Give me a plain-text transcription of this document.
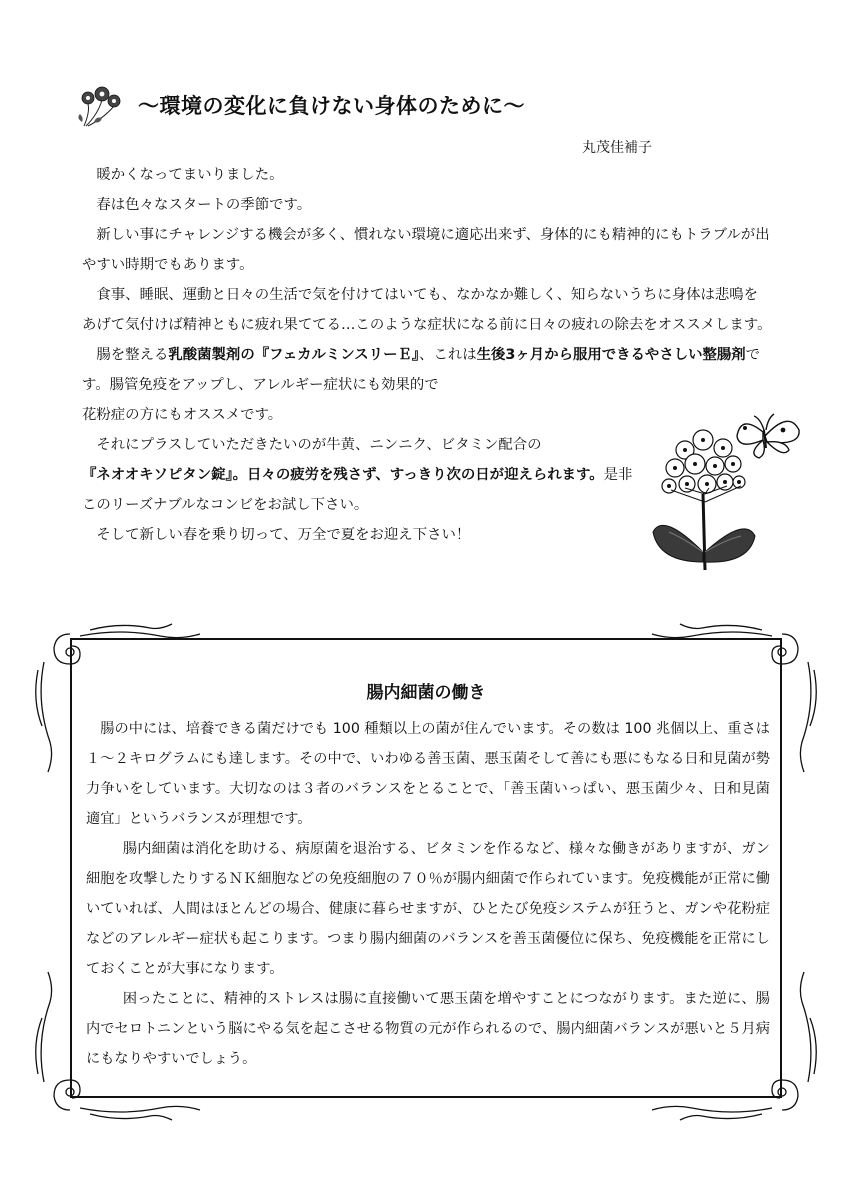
～環境の変化に負けない身体のために～
丸茂佳補子

暖かくなってまいりました。

春は色々なスタートの季節です。

新しい事にチャレンジする機会が多く、慣れない環境に適応出来ず、身体的にも精神的にもトラブルが出やすい時期でもあります。

食事、睡眠、運動と日々の生活で気を付けてはいても、なかなか難しく、知らないうちに身体は悲鳴をあげて気付けば精神ともに疲れ果ててる…このような症状になる前に日々の疲れの除去をオススメします。

腸を整える乳酸菌製剤の『フェカルミンスリーＥ』、これは生後3ヶ月から服用できるやさしい整腸剤です。腸管免疫をアップし、アレルギー症状にも効果的で

花粉症の方にもオススメです。

それにプラスしていただきたいのが牛黄、ニンニク、ビタミン配合の

『ネオオキソピタン錠』。日々の疲労を残さず、すっきり次の日が迎えられます。是非このリーズナブルなコンビをお試し下さい。

そして新しい春を乗り切って、万全で夏をお迎え下さい！

腸内細菌の働き

腸の中には、培養できる菌だけでも 100 種類以上の菌が住んでいます。その数は 100 兆個以上、重さは１～２キログラムにも達します。その中で、いわゆる善玉菌、悪玉菌そして善にも悪にもなる日和見菌が勢力争いをしています。大切なのは３者のバランスをとることで、「善玉菌いっぱい、悪玉菌少々、日和見菌適宜」というバランスが理想です。

腸内細菌は消化を助ける、病原菌を退治する、ビタミンを作るなど、様々な働きがありますが、ガン細胞を攻撃したりするＮＫ細胞などの免疫細胞の７０％が腸内細菌で作られています。免疫機能が正常に働いていれば、人間はほとんどの場合、健康に暮らせますが、ひとたび免疫システムが狂うと、ガンや花粉症などのアレルギー症状も起こります。つまり腸内細菌のバランスを善玉菌優位に保ち、免疫機能を正常にしておくことが大事になります。

困ったことに、精神的ストレスは腸に直接働いて悪玉菌を増やすことにつながります。また逆に、腸内でセロトニンという脳にやる気を起こさせる物質の元が作られるので、腸内細菌バランスが悪いと５月病にもなりやすいでしょう。
